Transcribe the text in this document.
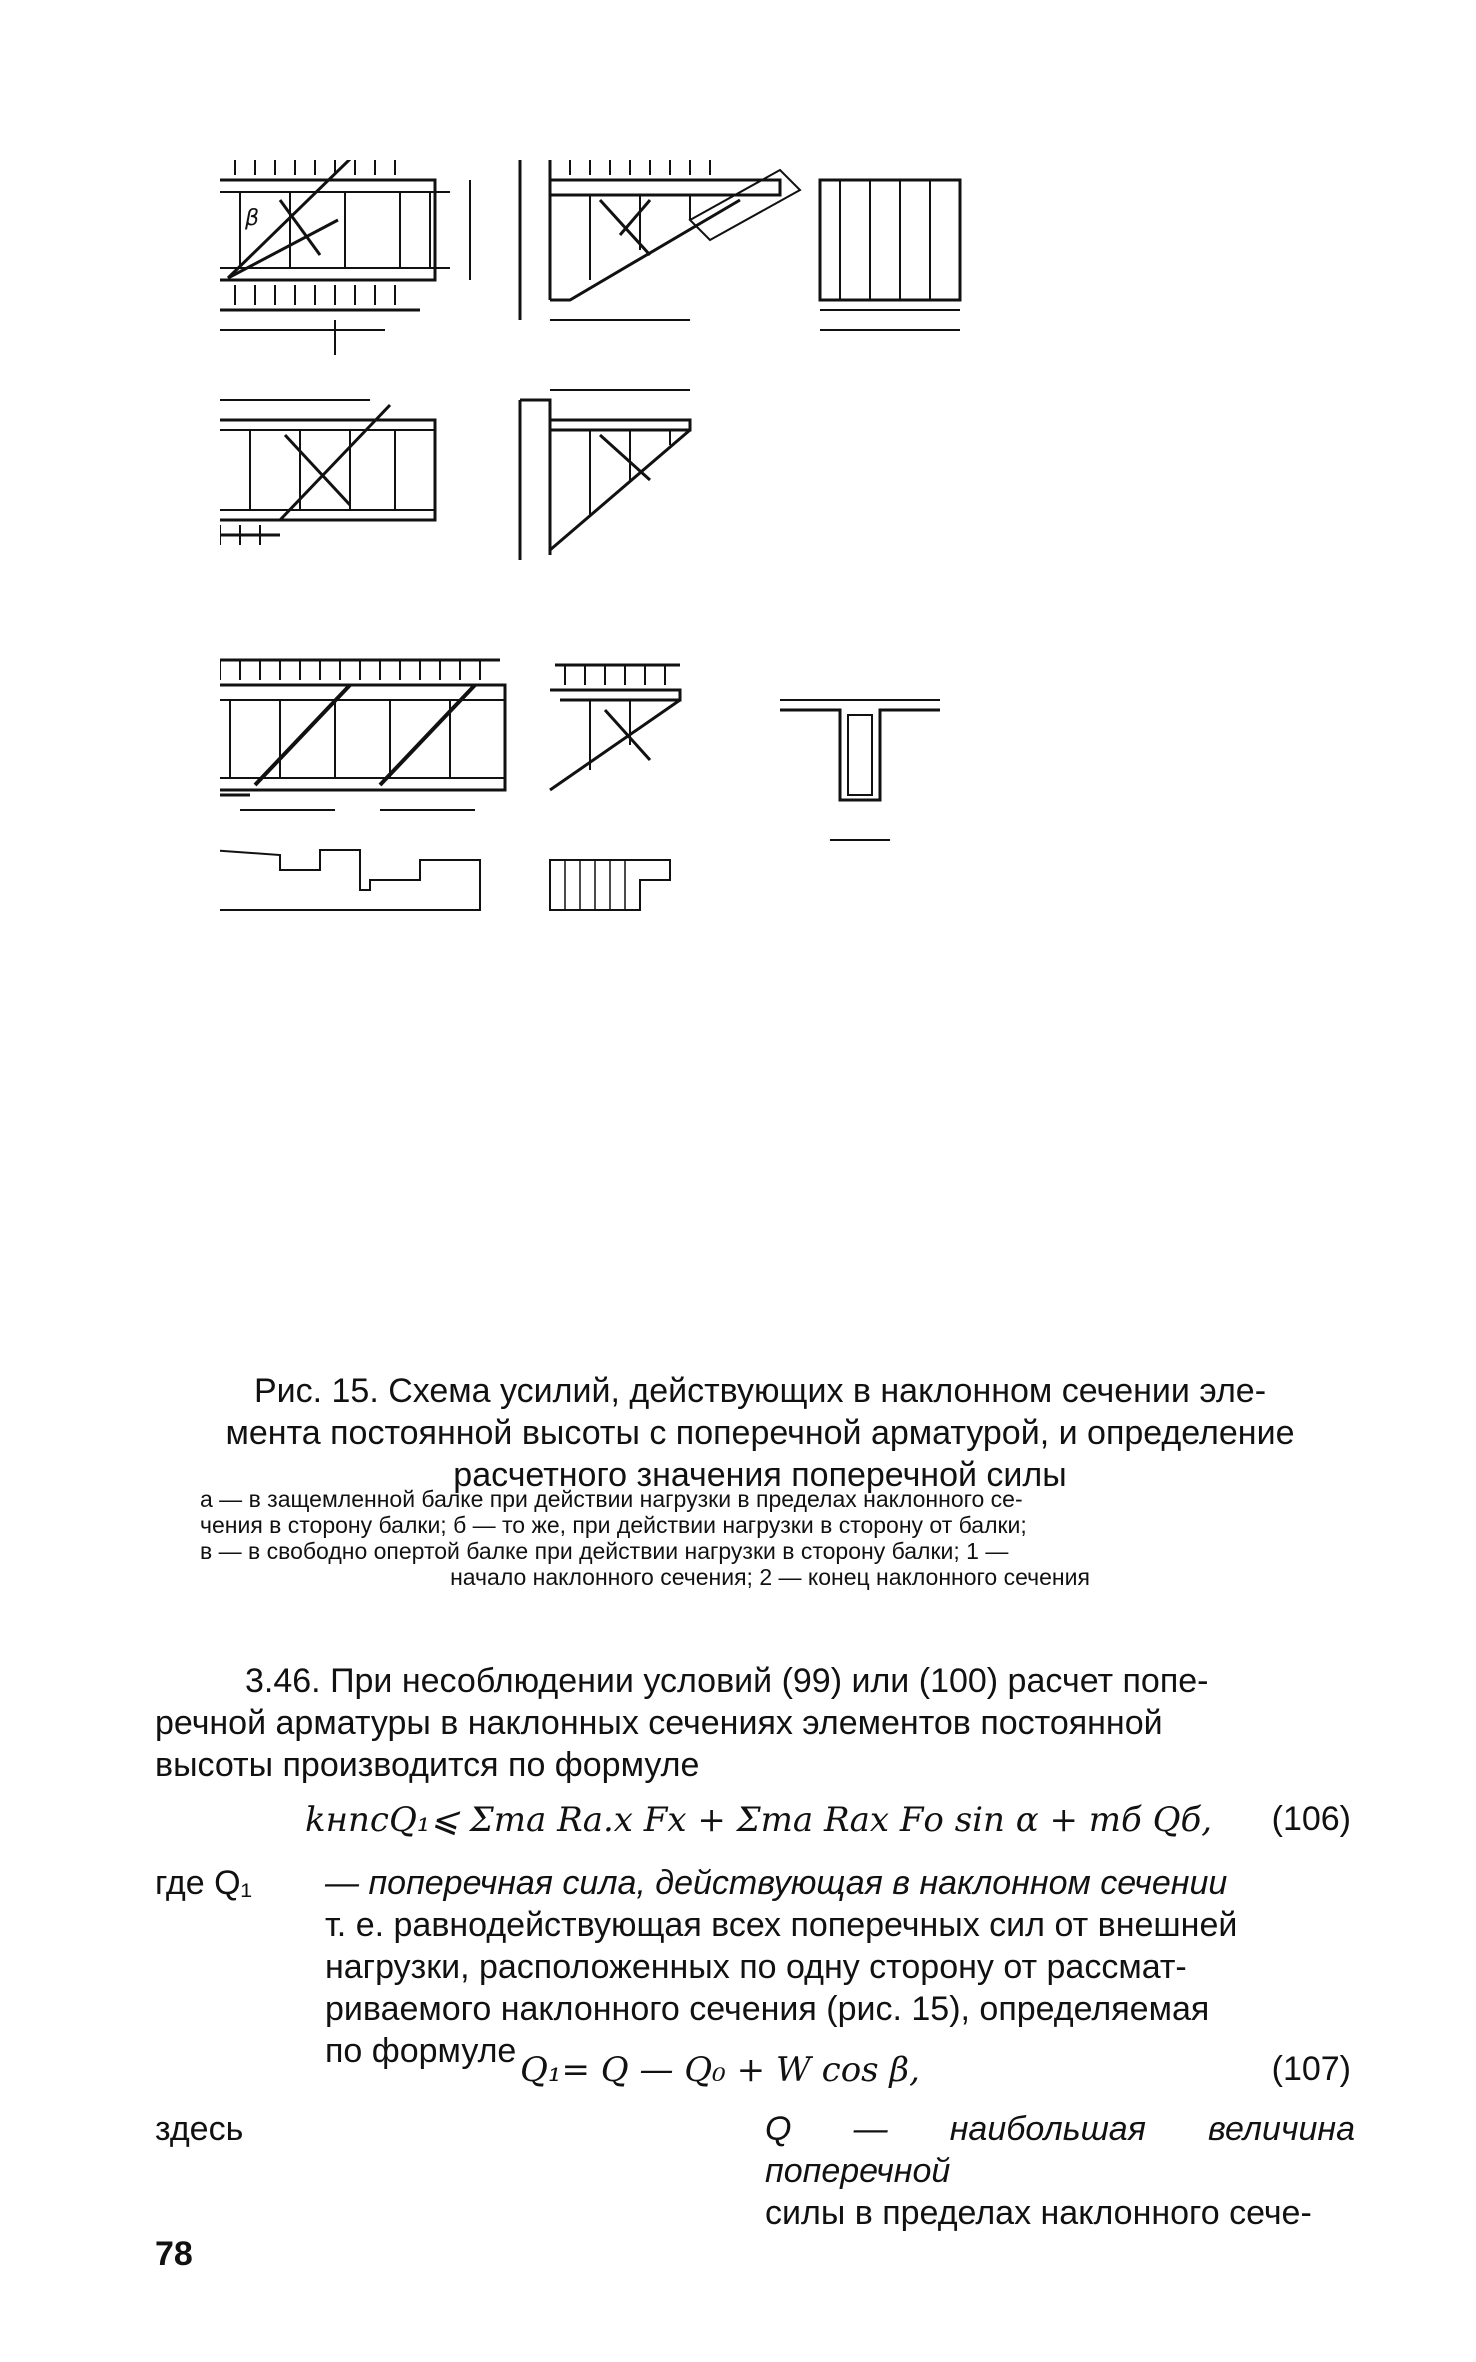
β
Рис. 15. Схема усилий, действующих в наклонном сечении эле-
мента постоянной высоты с поперечной арматурой, и определение
расчетного значения поперечной силы
а — в защемленной балке при действии нагрузки в пределах наклонного се-
чения в сторону балки; б — то же, при действии нагрузки в сторону от балки;
в — в свободно опертой балке при действии нагрузки в сторону балки; 1 —
начало наклонного сечения; 2 — конец наклонного сечения
3.46. При несоблюдении условий (99) или (100) расчет попе-
речной арматуры в наклонных сечениях элементов постоянной
высоты производится по формуле
kнnсQ₁⩽ Σmа Rа.х Fх + Σmа Rах Fо sin α + mб Qб, (106)
где Q₁ — поперечная сила, действующая в наклонном сечении
т. е. равнодействующая всех поперечных сил от внешней
нагрузки, расположенных по одну сторону от рассмат-
риваемого наклонного сечения (рис. 15), определяемая
по формуле Q₁= Q — Q₀ + W cos β,	(107)
здесь	Q — наибольшая величина поперечной
силы в пределах наклонного сече-
78
